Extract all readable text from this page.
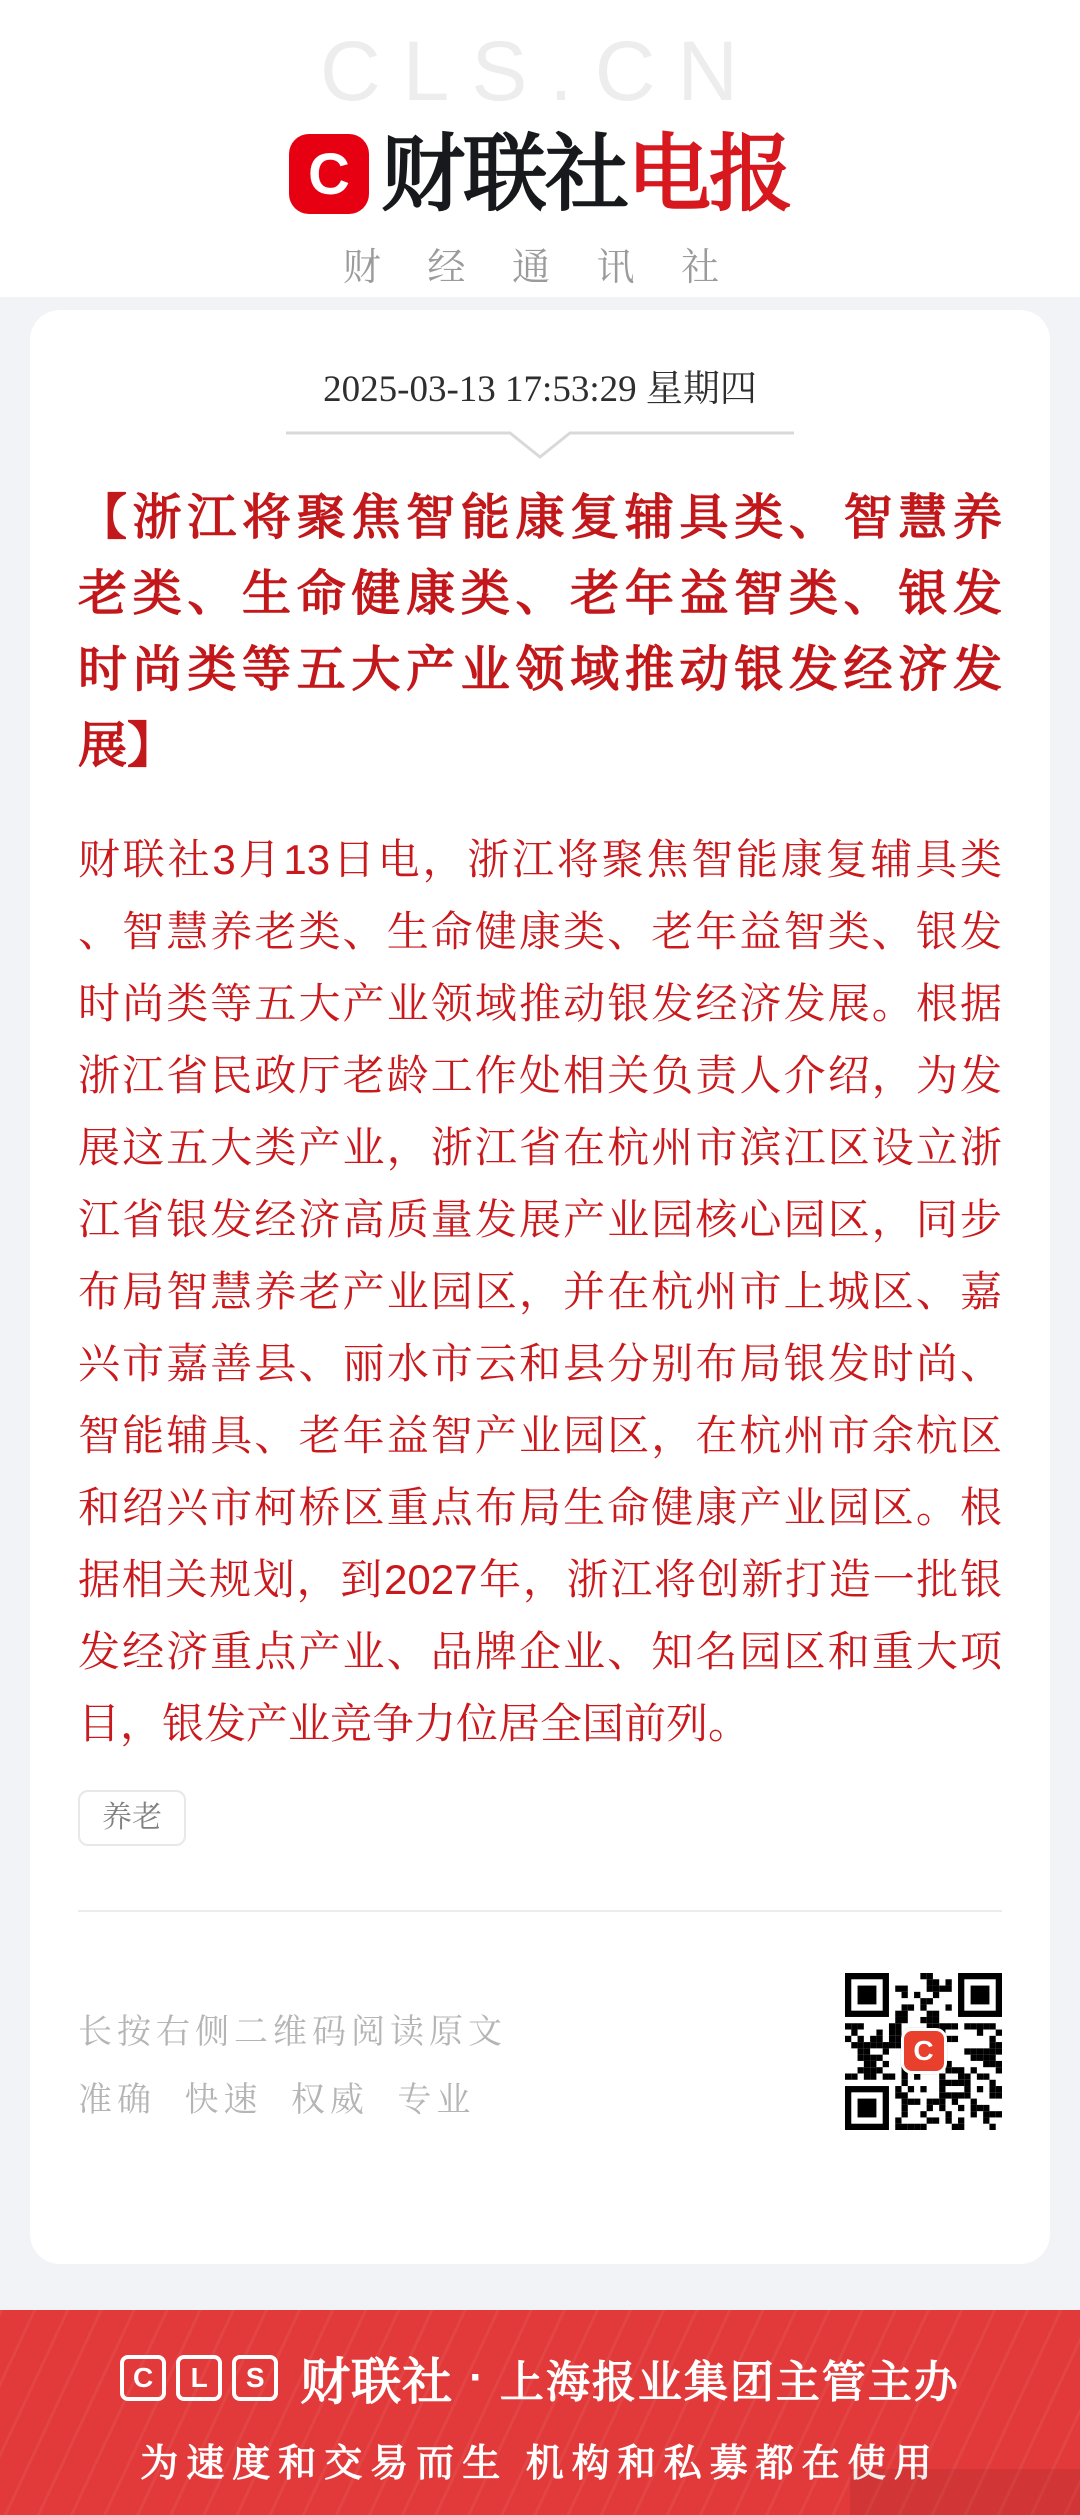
CLS.CN
C 财联社电报
财 经 通 讯 社
2025-03-13 17:53:29 星期四
【浙江将聚焦智能康复辅具类、智慧养
老类、生命健康类、老年益智类、银发
时尚类等五大产业领域推动银发经济发
展】
财联社3月13日电，浙江将聚焦智能康复辅具类
、智慧养老类、生命健康类、老年益智类、银发
时尚类等五大产业领域推动银发经济发展。根据
浙江省民政厅老龄工作处相关负责人介绍，为发
展这五大类产业，浙江省在杭州市滨江区设立浙
江省银发经济高质量发展产业园核心园区，同步
布局智慧养老产业园区，并在杭州市上城区、嘉
兴市嘉善县、丽水市云和县分别布局银发时尚、
智能辅具、老年益智产业园区，在杭州市余杭区
和绍兴市柯桥区重点布局生命健康产业园区。根
据相关规划，到2027年，浙江将创新打造一批银
发经济重点产业、品牌企业、知名园区和重大项
目，银发产业竞争力位居全国前列。
养老
长按右侧二维码阅读原文
准确 快速 权威 专业
C
C	L	S 财联社 · 上海报业集团主管主办
为速度和交易而生 机构和私募都在使用
